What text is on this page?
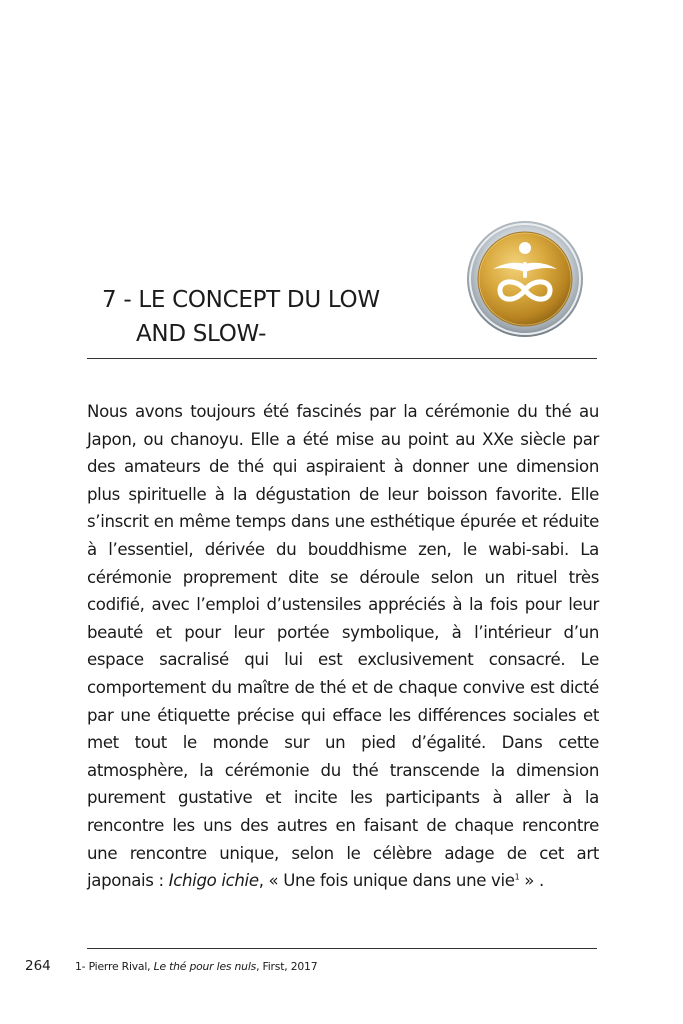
7 - LE CONCEPT DU LOW
AND SLOW-

Nous avons toujours été fascinés par la cérémonie du thé au Japon, ou chanoyu. Elle a été mise au point au XXe siècle par des amateurs de thé qui aspiraient à donner une dimension plus spirituelle à la dégustation de leur boisson favorite. Elle s’inscrit en même temps dans une esthétique épurée et réduite à l’essentiel, dérivée du bouddhisme zen, le wabi-sabi. La cérémonie proprement dite se déroule selon un rituel très codifié, avec l’emploi d’ustensiles appréciés à la fois pour leur beauté et pour leur portée symbolique, à l’intérieur d’un espace sacralisé qui lui est exclusivement consacré. Le comportement du maître de thé et de chaque convive est dicté par une étiquette précise qui efface les différences sociales et met tout le monde sur un pied d’égalité. Dans cette atmosphère, la cérémonie du thé transcende la dimension purement gustative et incite les participants à aller à la rencontre les uns des autres en faisant de chaque rencontre une rencontre unique, selon le célèbre adage de cet art japonais : Ichigo ichie, « Une fois unique dans une vie$^1$ » .

264 1- Pierre Rival, Le thé pour les nuls, First, 2017
